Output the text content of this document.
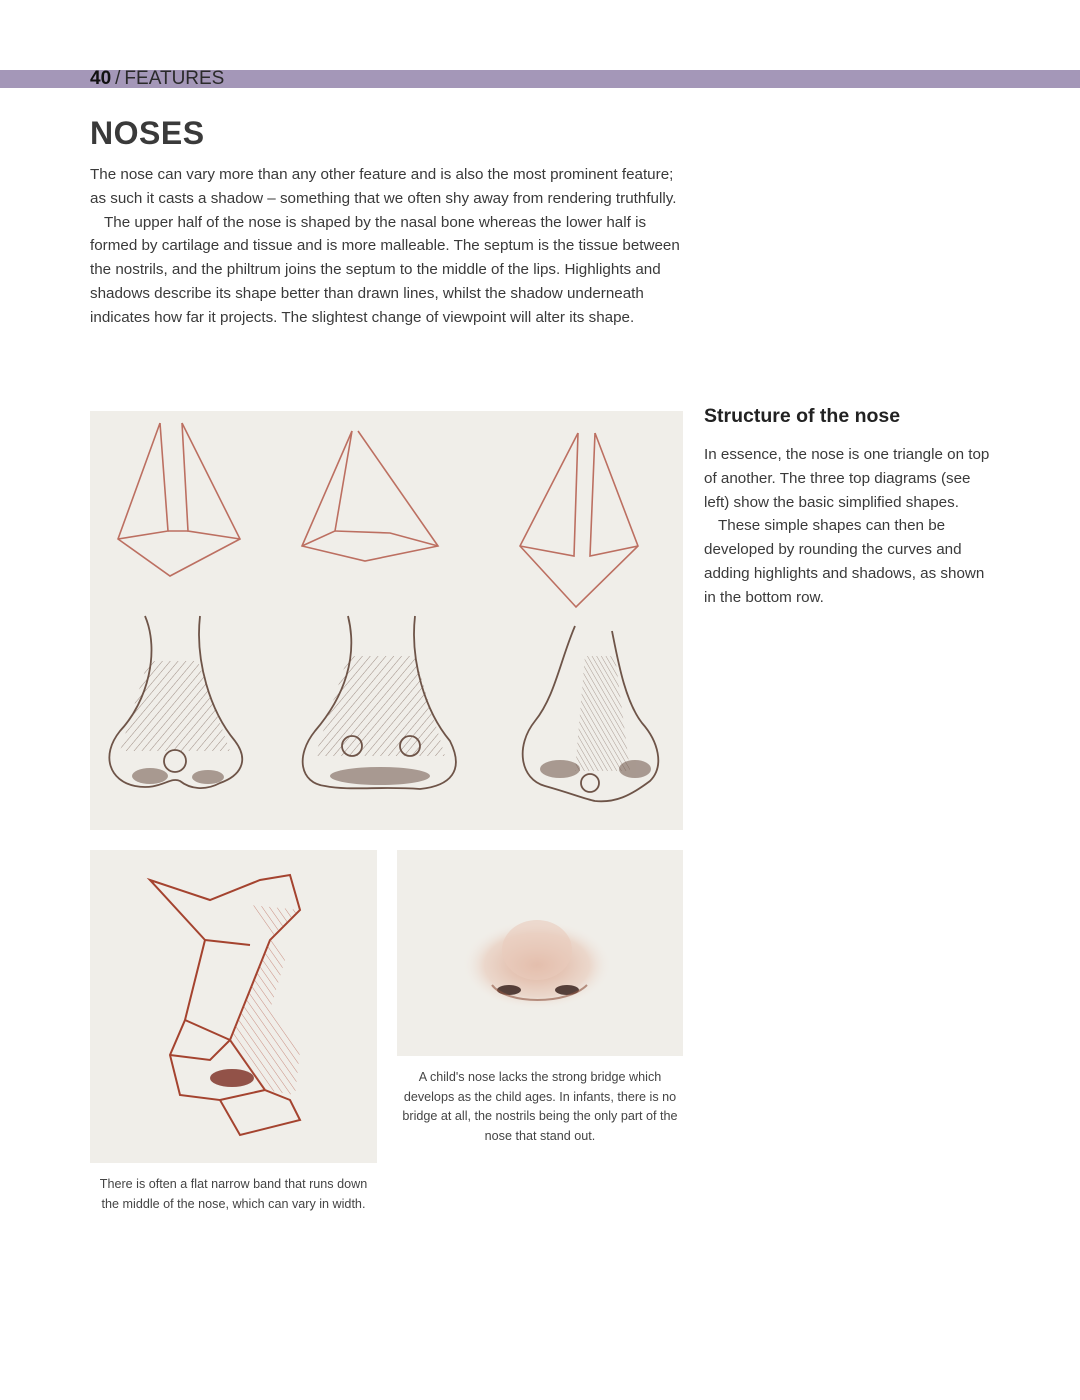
40 / FEATURES
NOSES

The nose can vary more than any other feature and is also the most prominent feature; as such it casts a shadow – something that we often shy away from rendering truthfully.

The upper half of the nose is shaped by the nasal bone whereas the lower half is formed by cartilage and tissue and is more malleable. The septum is the tissue between the nostrils, and the philtrum joins the septum to the middle of the lips. Highlights and shadows describe its shape better than drawn lines, whilst the shadow underneath indicates how far it projects. The slightest change of viewpoint will alter its shape.

Structure of the nose

In essence, the nose is one triangle on top of another. The three top diagrams (see left) show the basic simplified shapes.

These simple shapes can then be developed by rounding the curves and adding highlights and shadows, as shown in the bottom row.

There is often a flat narrow band that runs down the middle of the nose, which can vary in width.
A child's nose lacks the strong bridge which develops as the child ages. In infants, there is no bridge at all, the nostrils being the only part of the nose that stand out.
